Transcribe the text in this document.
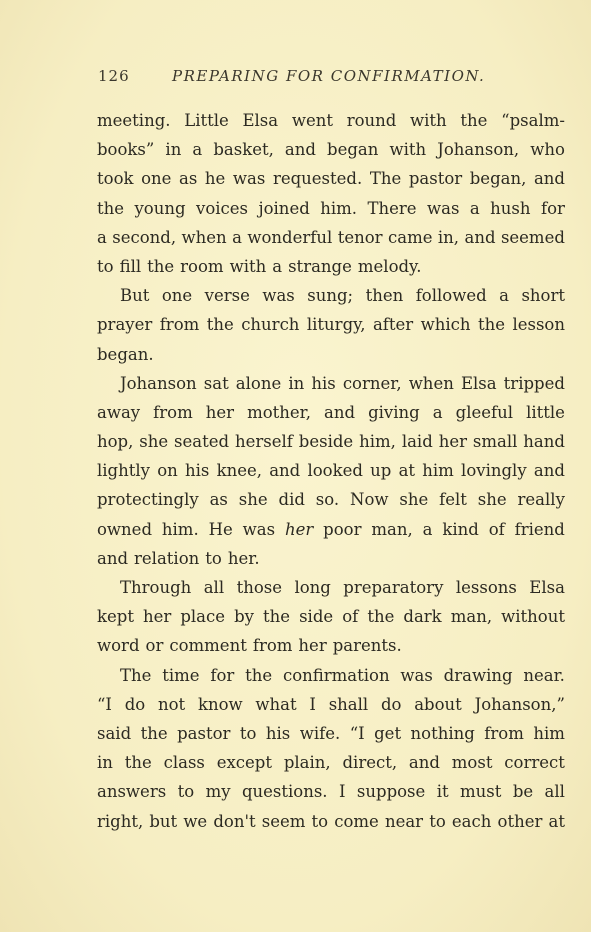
126	PREPARING FOR CONFIRMATION.
meeting. Little Elsa went round with the “psalm-
books” in a basket, and began with Johanson, who
took one as he was requested. The pastor began, and
the young voices joined him. There was a hush for
a second, when a wonderful tenor came in, and seemed
to fill the room with a strange melody.
But one verse was sung; then followed a short
prayer from the church liturgy, after which the lesson
began.
Johanson sat alone in his corner, when Elsa tripped
away from her mother, and giving a gleeful little
hop, she seated herself beside him, laid her small hand
lightly on his knee, and looked up at him lovingly and
protectingly as she did so. Now she felt she really
owned him. He was her poor man, a kind of friend
and relation to her.
Through all those long preparatory lessons Elsa
kept her place by the side of the dark man, without
word or comment from her parents.
The time for the confirmation was drawing near.
“I do not know what I shall do about Johanson,”
said the pastor to his wife. “I get nothing from him
in the class except plain, direct, and most correct
answers to my questions. I suppose it must be all
right, but we don't seem to come near to each other at
